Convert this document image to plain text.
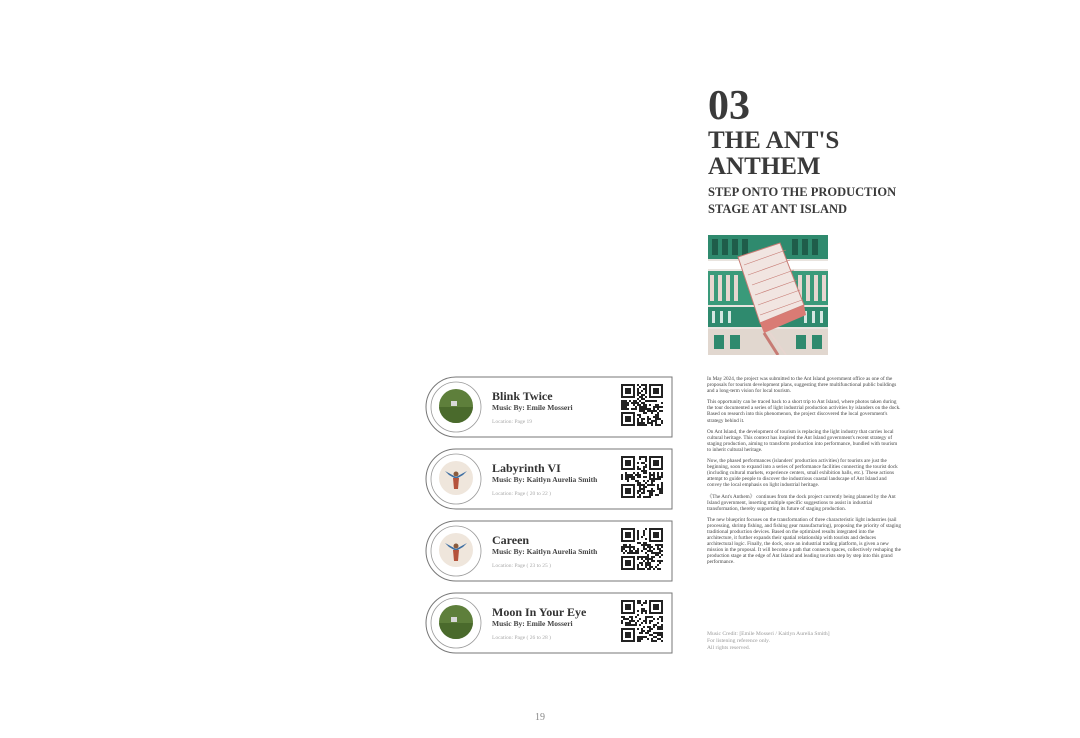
03
THE ANT'S ANTHEM
STEP ONTO THE PRODUCTION STAGE AT ANT ISLAND

In May 2024, the project was submitted to the Ant Island government office as one of the proposals for tourism development plans, suggesting three multifunctional public buildings and a long-term vision for local tourism.

This opportunity can be traced back to a short trip to Ant Island, where photos taken during the tour documented a series of light industrial production activities by islanders on the dock. Based on research into this phenomenon, the project discovered the local government's strategy behind it.

On Ant Island, the development of tourism is replacing the light industry that carries local cultural heritage. This context has inspired the Ant Island government's recent strategy of staging production, aiming to transform production into performance, bundled with tourism to inherit cultural heritage.

Now, the phased performances (islanders' production activities) for tourists are just the beginning, soon to expand into a series of performance facilities connecting the tourist dock (including cultural markets, experience centers, small exhibition halls, etc.). These actions attempt to guide people to discover the industrious coastal landscape of Ant Island and convey the local emphasis on light industrial heritage.

《The Ant's Anthem》 continues from the dock project currently being planned by the Ant Island government, inserting multiple specific suggestions to assist in industrial transformation, thereby supporting its future of staging production.

The new blueprint focuses on the transformation of three characteristic light industries (sail processing, shrimp fishing, and fishing gear manufacturing), proposing the priority of staging traditional production devices. Based on the optimized results integrated into the architecture, it further expands their spatial relationship with tourists and deduces architectural logic. Finally, the dock, once an industrial trading platform, is given a new mission in the proposal. It will become a path that connects spaces, collectively reshaping the production stage at the edge of Ant Island and leading tourists step by step into this grand performance.

Music Credit: [Emile Mosseri / Kaitlyn Aurelia Smith]
For listening reference only.
All rights reserved.
Blink Twice
Music By: Emile Mosseri
Location: Page 19
Labyrinth VI
Music By: Kaitlyn Aurelia Smith
Location: Page ( 20 to 22 )
Careen
Music By: Kaitlyn Aurelia Smith
Location: Page ( 23 to 25 )
Moon In Your Eye
Music By: Emile Mosseri
Location: Page ( 26 to 28 )
19
